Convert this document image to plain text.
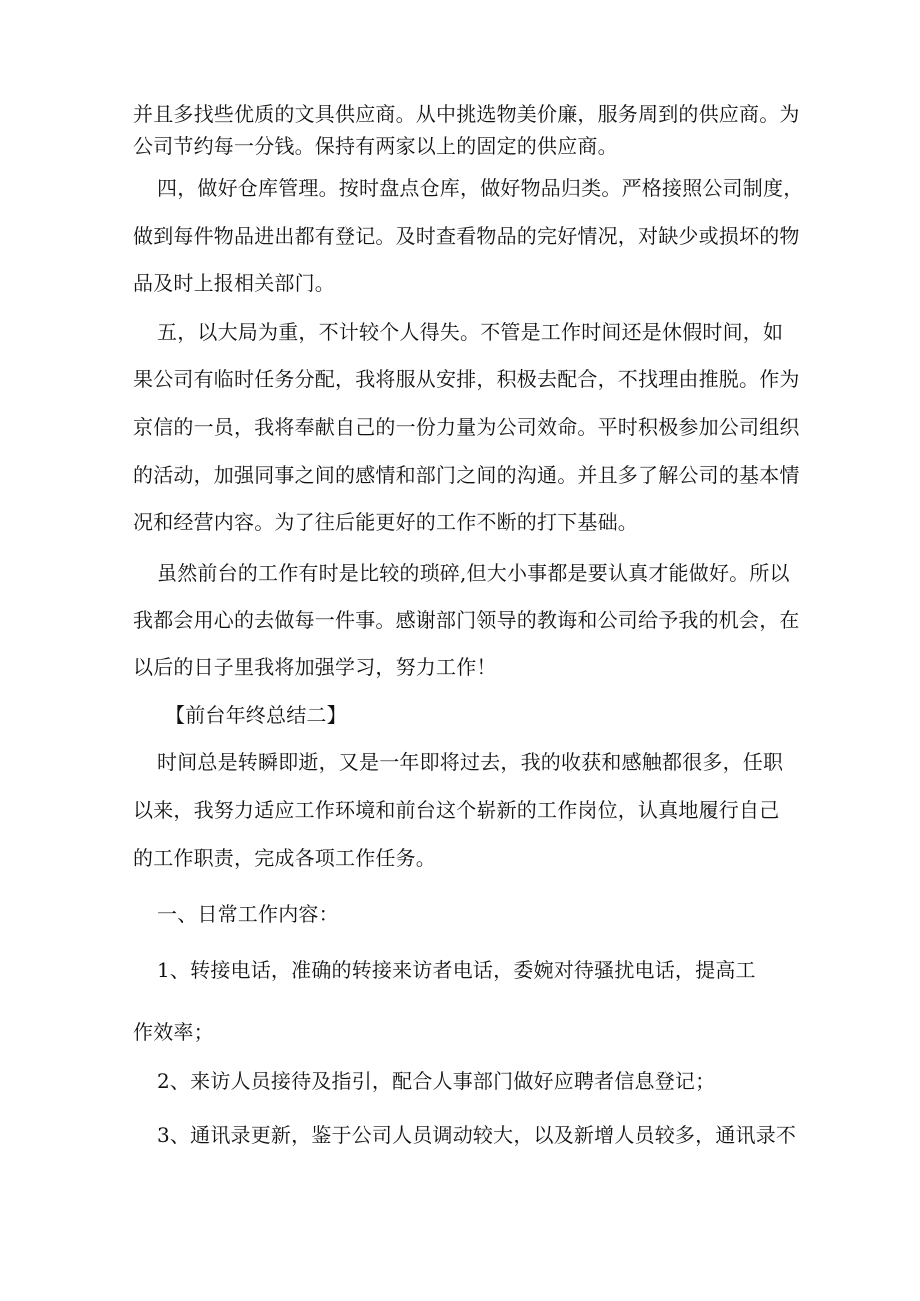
并且多找些优质的文具供应商。从中挑选物美价廉，服务周到的供应商。为

公司节约每一分钱。保持有两家以上的固定的供应商。

四，做好仓库管理。按时盘点仓库，做好物品归类。严格接照公司制度，

做到每件物品进出都有登记。及时查看物品的完好情况，对缺少或损坏的物

品及时上报相关部门。

五，以大局为重，不计较个人得失。不管是工作时间还是休假时间，如

果公司有临时任务分配，我将服从安排，积极去配合，不找理由推脱。作为

京信的一员，我将奉献自己的一份力量为公司效命。平时积极参加公司组织

的活动，加强同事之间的感情和部门之间的沟通。并且多了解公司的基本情

况和经营内容。为了往后能更好的工作不断的打下基础。

虽然前台的工作有时是比较的琐碎,但大小事都是要认真才能做好。所以

我都会用心的去做每一件事。感谢部门领导的教诲和公司给予我的机会，在

以后的日子里我将加强学习，努力工作！

【前台年终总结二】

时间总是转瞬即逝，又是一年即将过去，我的收获和感触都很多，任职

以来，我努力适应工作环境和前台这个崭新的工作岗位，认真地履行自己

的工作职责，完成各项工作任务。

一、日常工作内容：

1、转接电话，准确的转接来访者电话，委婉对待骚扰电话，提高工

作效率；

2、来访人员接待及指引，配合人事部门做好应聘者信息登记；

3、通讯录更新，鉴于公司人员调动较大，以及新增人员较多，通讯录不
